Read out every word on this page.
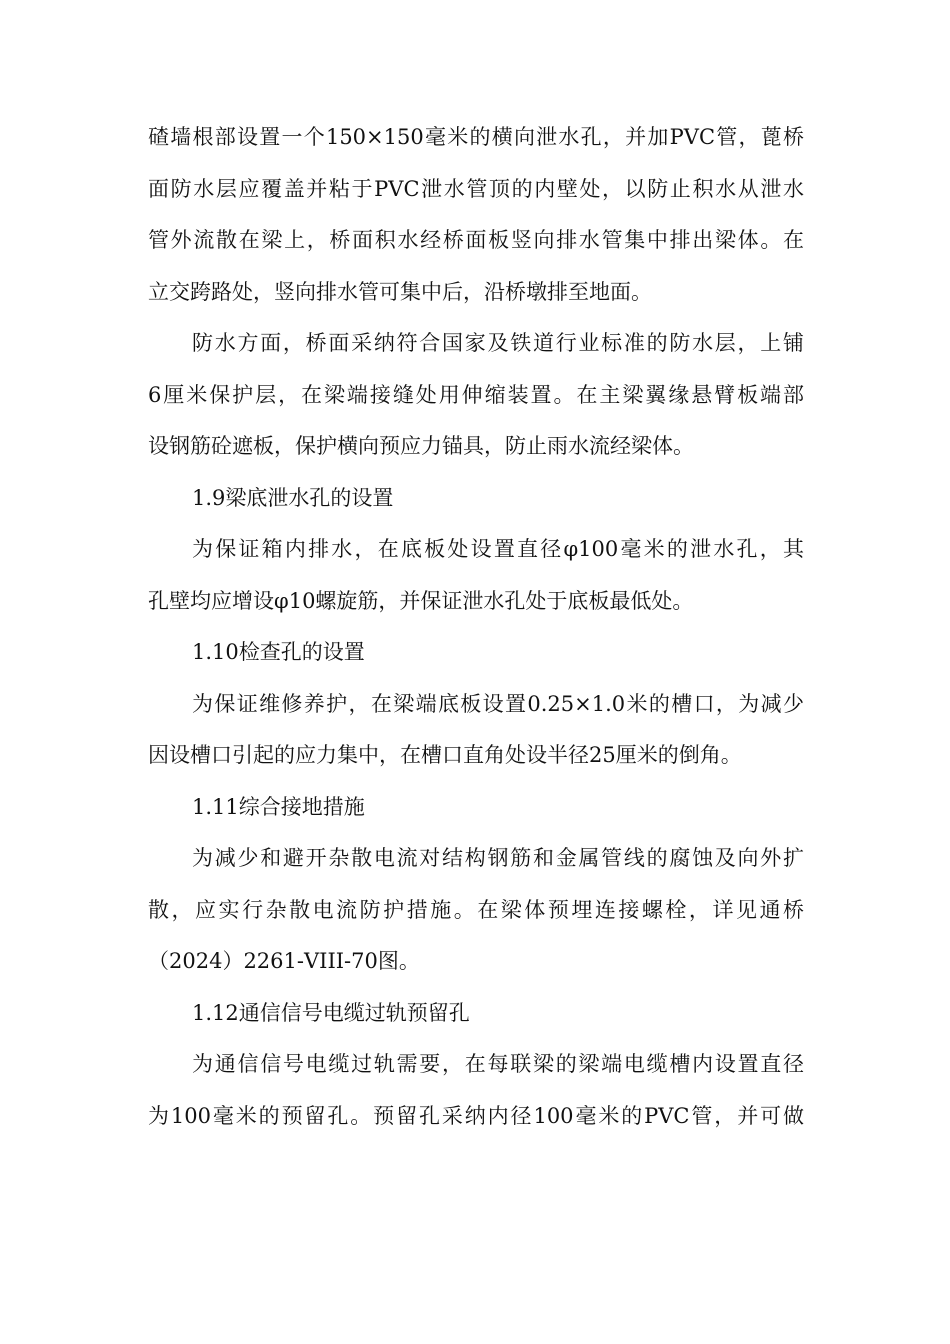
碴墙根部设置一个150×150毫米的横向泄水孔，并加PVC管，蓖桥

面防水层应覆盖并粘于PVC泄水管顶的内壁处，以防止积水从泄水

管外流散在梁上，桥面积水经桥面板竖向排水管集中排出梁体。在

立交跨路处，竖向排水管可集中后，沿桥墩排至地面。

防水方面，桥面采纳符合国家及铁道行业标准的防水层，上铺

6厘米保护层，在梁端接缝处用伸缩装置。在主梁翼缘悬臂板端部

设钢筋砼遮板，保护横向预应力锚具，防止雨水流经梁体。

1.9梁底泄水孔的设置

为保证箱内排水，在底板处设置直径φ100毫米的泄水孔，其

孔壁均应增设φ10螺旋筋，并保证泄水孔处于底板最低处。

1.10检查孔的设置

为保证维修养护，在梁端底板设置0.25×1.0米的槽口，为减少

因设槽口引起的应力集中，在槽口直角处设半径25厘米的倒角。

1.11综合接地措施

为减少和避开杂散电流对结构钢筋和金属管线的腐蚀及向外扩

散，应实行杂散电流防护措施。在梁体预埋连接螺栓，详见通桥

（2024）2261-VIII-70图。

1.12通信信号电缆过轨预留孔

为通信信号电缆过轨需要，在每联梁的梁端电缆槽内设置直径

为100毫米的预留孔。预留孔采纳内径100毫米的PVC管，并可做
